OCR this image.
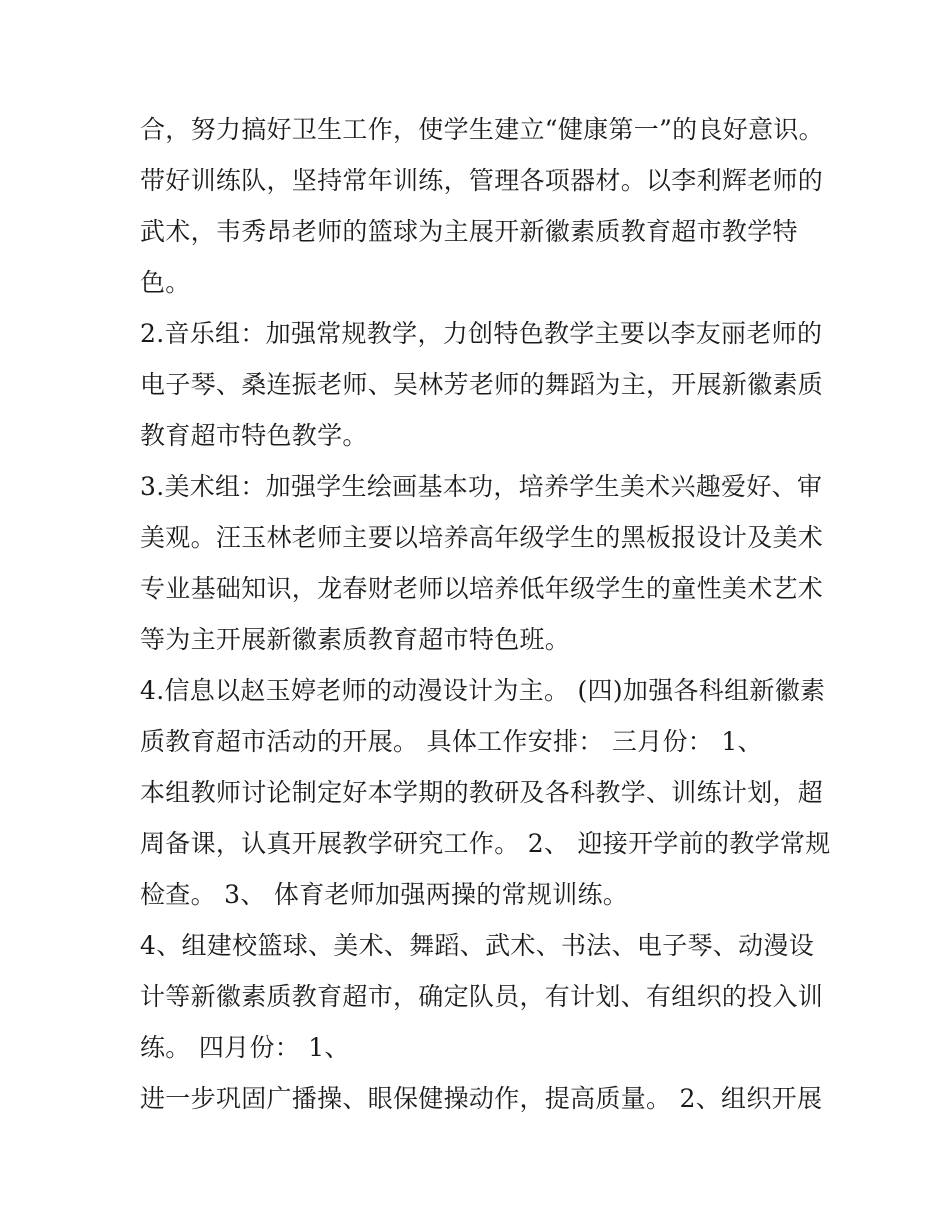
合，努力搞好卫生工作，使学生建立“健康第一”的良好意识。
带好训练队，坚持常年训练，管理各项器材。以李利辉老师的
武术，韦秀昂老师的篮球为主展开新徽素质教育超市教学特
色。
2.音乐组：加强常规教学，力创特色教学主要以李友丽老师的
电子琴、桑连振老师、吴林芳老师的舞蹈为主，开展新徽素质
教育超市特色教学。
3.美术组：加强学生绘画基本功，培养学生美术兴趣爱好、审
美观。汪玉林老师主要以培养高年级学生的黑板报设计及美术
专业基础知识，龙春财老师以培养低年级学生的童性美术艺术
等为主开展新徽素质教育超市特色班。
4.信息以赵玉婷老师的动漫设计为主。 (四)加强各科组新徽素
质教育超市活动的开展。 具体工作安排： 三月份： 1、
本组教师讨论制定好本学期的教研及各科教学、训练计划，超
周备课，认真开展教学研究工作。 2、 迎接开学前的教学常规
检查。 3、 体育老师加强两操的常规训练。
4、组建校篮球、美术、舞蹈、武术、书法、电子琴、动漫设
计等新徽素质教育超市，确定队员，有计划、有组织的投入训
练。 四月份： 1、
进一步巩固广播操、眼保健操动作，提高质量。 2、组织开展
